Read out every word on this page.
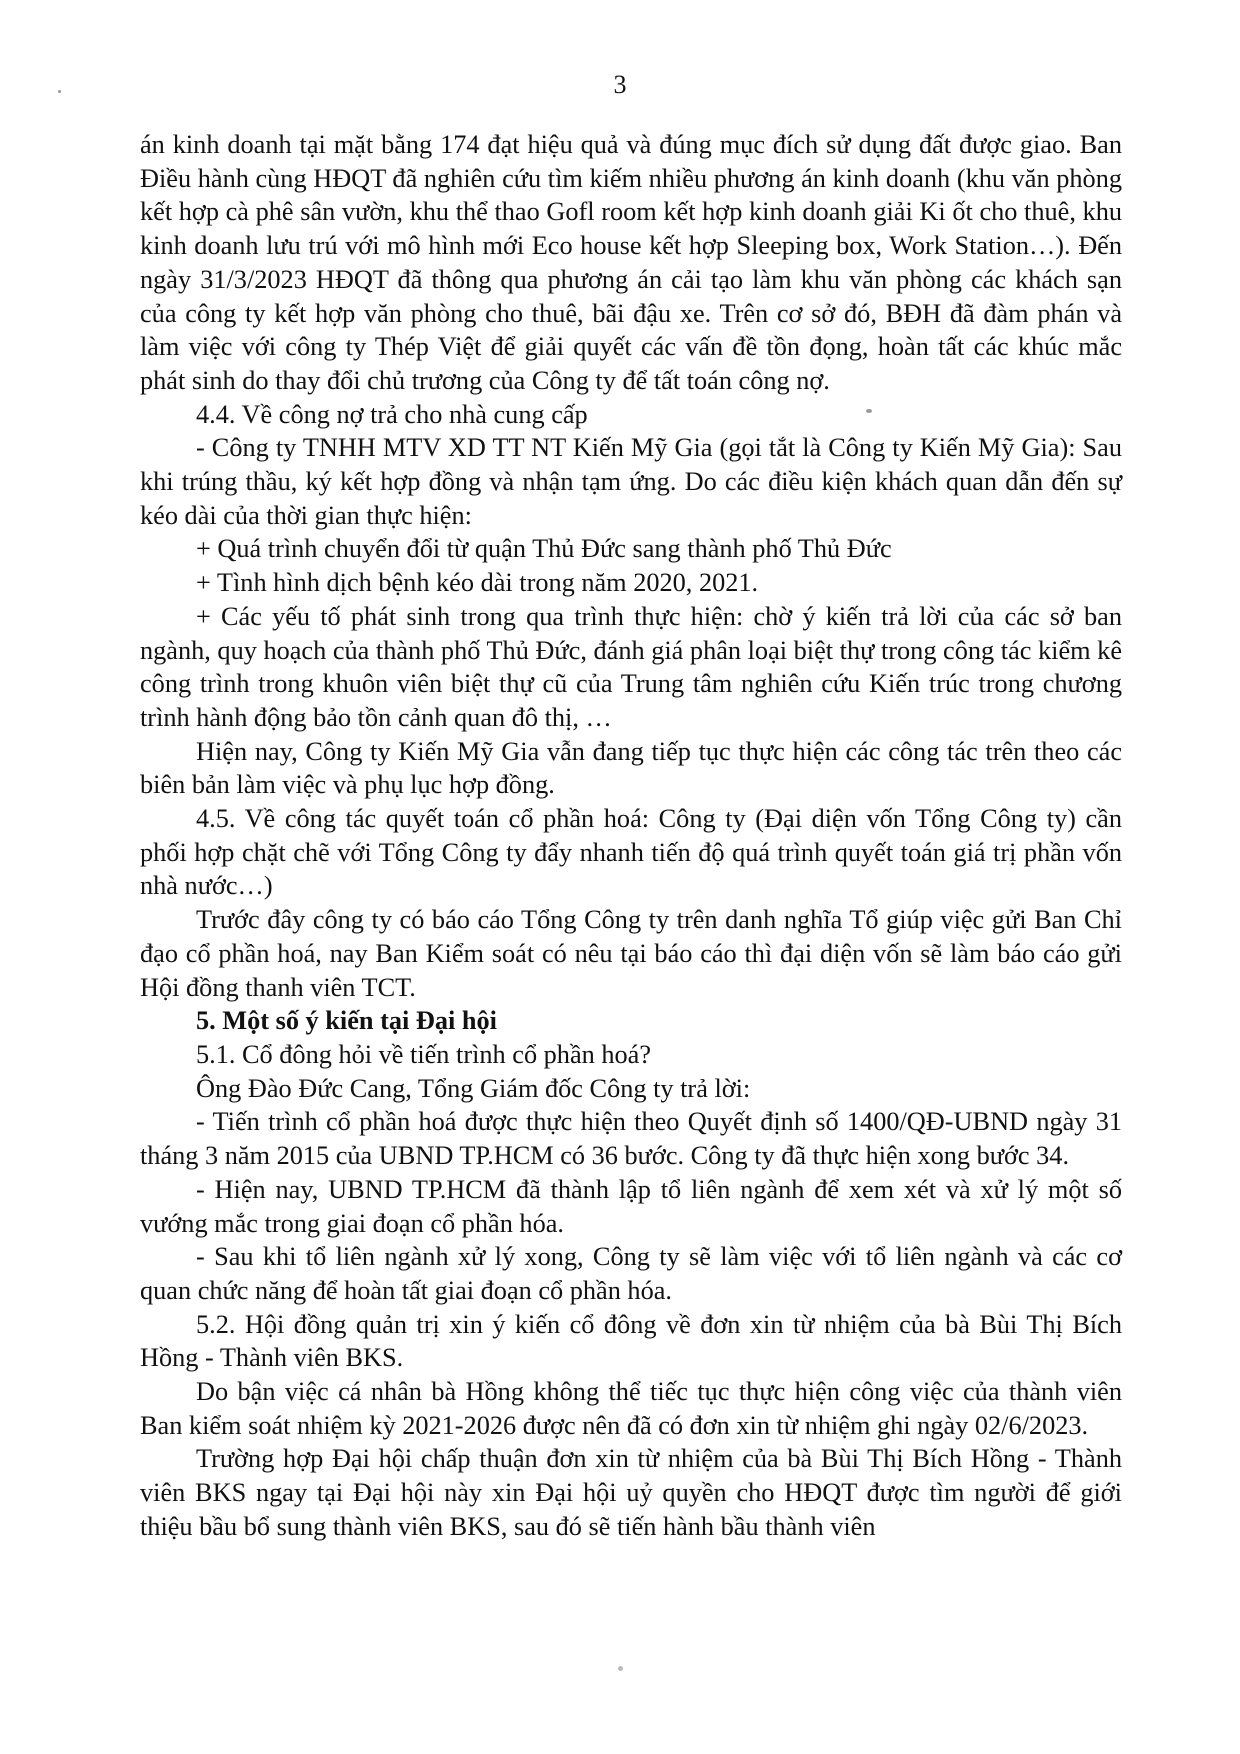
3

án kinh doanh tại mặt bằng 174 đạt hiệu quả và đúng mục đích sử dụng đất được giao. Ban Điều hành cùng HĐQT đã nghiên cứu tìm kiếm nhiều phương án kinh doanh (khu văn phòng kết hợp cà phê sân vườn, khu thể thao Gofl room kết hợp kinh doanh giải Ki ốt cho thuê, khu kinh doanh lưu trú với mô hình mới Eco house kết hợp Sleeping box, Work Station…). Đến ngày 31/3/2023 HĐQT đã thông qua phương án cải tạo làm khu văn phòng các khách sạn của công ty kết hợp văn phòng cho thuê, bãi đậu xe. Trên cơ sở đó, BĐH đã đàm phán và làm việc với công ty Thép Việt để giải quyết các vấn đề tồn đọng, hoàn tất các khúc mắc phát sinh do thay đổi chủ trương của Công ty để tất toán công nợ.

4.4. Về công nợ trả cho nhà cung cấp

- Công ty TNHH MTV XD TT NT Kiến Mỹ Gia (gọi tắt là Công ty Kiến Mỹ Gia): Sau khi trúng thầu, ký kết hợp đồng và nhận tạm ứng. Do các điều kiện khách quan dẫn đến sự kéo dài của thời gian thực hiện:

+ Quá trình chuyển đổi từ quận Thủ Đức sang thành phố Thủ Đức

+ Tình hình dịch bệnh kéo dài trong năm 2020, 2021.

+ Các yếu tố phát sinh trong qua trình thực hiện: chờ ý kiến trả lời của các sở ban ngành, quy hoạch của thành phố Thủ Đức, đánh giá phân loại biệt thự trong công tác kiểm kê công trình trong khuôn viên biệt thự cũ của Trung tâm nghiên cứu Kiến trúc trong chương trình hành động bảo tồn cảnh quan đô thị, …

Hiện nay, Công ty Kiến Mỹ Gia vẫn đang tiếp tục thực hiện các công tác trên theo các biên bản làm việc và phụ lục hợp đồng.

4.5. Về công tác quyết toán cổ phần hoá: Công ty (Đại diện vốn Tổng Công ty) cần phối hợp chặt chẽ với Tổng Công ty đẩy nhanh tiến độ quá trình quyết toán giá trị phần vốn nhà nước…)

Trước đây công ty có báo cáo Tổng Công ty trên danh nghĩa Tổ giúp việc gửi Ban Chỉ đạo cổ phần hoá, nay Ban Kiểm soát có nêu tại báo cáo thì đại diện vốn sẽ làm báo cáo gửi Hội đồng thanh viên TCT.

5. Một số ý kiến tại Đại hội

5.1. Cổ đông hỏi về tiến trình cổ phần hoá?

Ông Đào Đức Cang, Tổng Giám đốc Công ty trả lời:

- Tiến trình cổ phần hoá được thực hiện theo Quyết định số 1400/QĐ-UBND ngày 31 tháng 3 năm 2015 của UBND TP.HCM có 36 bước. Công ty đã thực hiện xong bước 34.

- Hiện nay, UBND TP.HCM đã thành lập tổ liên ngành để xem xét và xử lý một số vướng mắc trong giai đoạn cổ phần hóa.

- Sau khi tổ liên ngành xử lý xong, Công ty sẽ làm việc với tổ liên ngành và các cơ quan chức năng để hoàn tất giai đoạn cổ phần hóa.

5.2. Hội đồng quản trị xin ý kiến cổ đông về đơn xin từ nhiệm của bà Bùi Thị Bích Hồng - Thành viên BKS.

Do bận việc cá nhân bà Hồng không thể tiếc tục thực hiện công việc của thành viên Ban kiểm soát nhiệm kỳ 2021-2026 được nên đã có đơn xin từ nhiệm ghi ngày 02/6/2023.

Trường hợp Đại hội chấp thuận đơn xin từ nhiệm của bà Bùi Thị Bích Hồng - Thành viên BKS ngay tại Đại hội này xin Đại hội uỷ quyền cho HĐQT được tìm người để giới thiệu bầu bổ sung thành viên BKS, sau đó sẽ tiến hành bầu thành viên
